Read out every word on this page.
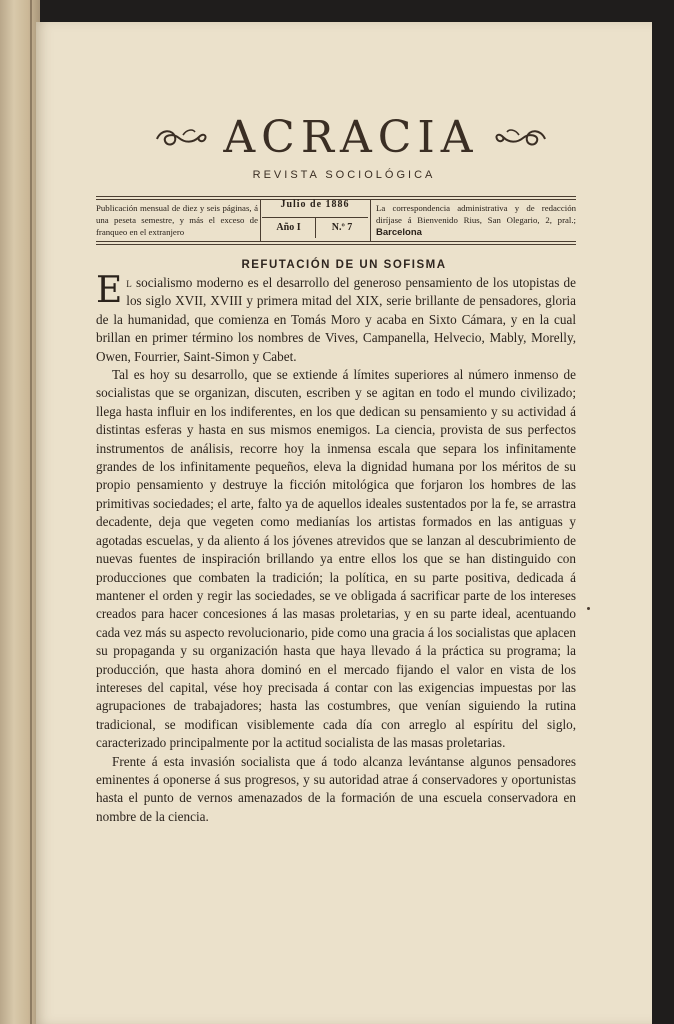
ACRACIA
REVISTA SOCIOLÓGICA
Publicación mensual de diez y seis páginas, á una peseta semestre, y más el exceso de franqueo en el extranjero
Julio de 1886
Año I	N.º 7
La correspondencia administrativa y de redacción diríjase á Bienvenido Rius, San Olegario, 2, pral.; Barcelona
REFUTACIÓN DE UN SOFISMA

El socialismo moderno es el desarrollo del generoso pensamiento de los utopistas de los siglo XVII, XVIII y primera mitad del XIX, serie brillante de pensadores, gloria de la humanidad, que comienza en Tomás Moro y acaba en Sixto Cámara, y en la cual brillan en primer término los nombres de Vives, Campanella, Helvecio, Mably, Morelly, Owen, Fourrier, Saint-Simon y Cabet.

Tal es hoy su desarrollo, que se extiende á límites superiores al número inmenso de socialistas que se organizan, discuten, escriben y se agitan en todo el mundo civilizado; llega hasta influir en los indiferentes, en los que dedican su pensamiento y su actividad á distintas esferas y hasta en sus mismos enemigos. La ciencia, provista de sus perfectos instrumentos de análisis, recorre hoy la inmensa escala que separa los infinitamente grandes de los infinitamente pequeños, eleva la dignidad humana por los méritos de su propio pensamiento y destruye la ficción mitológica que forjaron los hombres de las primitivas sociedades; el arte, falto ya de aquellos ideales sustentados por la fe, se arrastra decadente, deja que vegeten como medianías los artistas formados en las antiguas y agotadas escuelas, y da aliento á los jóvenes atrevidos que se lanzan al descubrimiento de nuevas fuentes de inspiración brillando ya entre ellos los que se han distinguido con producciones que combaten la tradición; la política, en su parte positiva, dedicada á mantener el orden y regir las sociedades, se ve obligada á sacrificar parte de los intereses creados para hacer concesiones á las masas proletarias, y en su parte ideal, acentuando cada vez más su aspecto revolucionario, pide como una gracia á los socialistas que aplacen su propaganda y su organización hasta que haya llevado á la práctica su programa; la producción, que hasta ahora dominó en el mercado fijando el valor en vista de los intereses del capital, vése hoy precisada á contar con las exigencias impuestas por las agrupaciones de trabajadores; hasta las costumbres, que venían siguiendo la rutina tradicional, se modifican visiblemente cada día con arreglo al espíritu del siglo, caracterizado principalmente por la actitud socialista de las masas proletarias.

Frente á esta invasión socialista que á todo alcanza levántanse algunos pensadores eminentes á oponerse á sus progresos, y su autoridad atrae á conservadores y oportunistas hasta el punto de vernos amenazados de la formación de una escuela conservadora en nombre de la ciencia.
